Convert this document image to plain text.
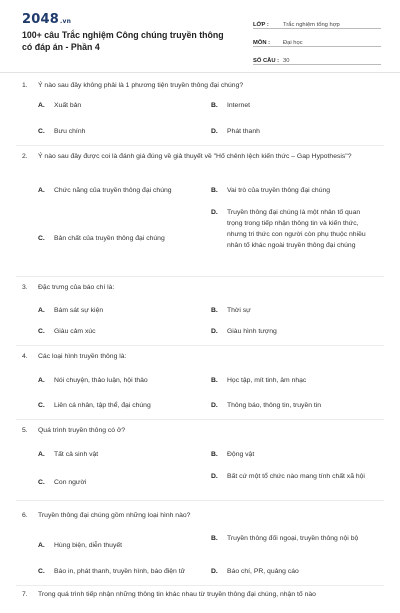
2048.vn
100+ câu Trắc nghiệm Công chúng truyền thông có đáp án - Phần 4
LỚP :	Trắc nghiệm tổng hợp
MÔN :	Đại học
SỐ CÂU : 30
1.	Ý nào sau đây không phải là 1 phương tiện truyền thông đại chúng?
A. Xuất bản	B. Internet
C. Bưu chính	D. Phát thanh
2.	Ý nào sau đây được coi là đánh giá đúng về giả thuyết về "Hố chênh lệch kiến thức – Gap Hypothesis"?
A. Chức năng của truyền thông đại chúng	B. Vai trò của truyền thông đại chúng
C. Bản chất của truyền thông đại chúng
D. Truyền thông đại chúng là một nhân tố quan trọng trong tiếp nhận thông tin và kiến thức, nhưng tri thức con người còn phụ thuộc nhiều nhân tố khác ngoài truyền thông đại chúng
3.	Đặc trưng của báo chí là:
A. Bám sát sự kiện	B. Thời sự
C. Giàu cảm xúc	D. Giàu hình tượng
4.	Các loại hình truyền thông là:
A. Nói chuyện, thảo luận, hội thảo	B. Học tập, mít tinh, âm nhạc
C. Liên cá nhân, tập thể, đại chúng	D. Thông báo, thông tin, truyền tin
5.	Quá trình truyền thông có ở?
A. Tất cả sinh vật	B. Động vật
C. Con người
D. Bất cứ một tổ chức nào mang tính chất xã hội
6.	Truyền thông đại chúng gồm những loại hình nào?
A. Hùng biện, diễn thuyết
B. Truyền thông đối ngoại, truyền thông nội bộ
C. Báo in, phát thanh, truyền hình, báo điện tử	D. Báo chí, PR, quảng cáo
7.	Trong quá trình tiếp nhận những thông tin khác nhau từ truyền thông đại chúng, nhận tố nào
